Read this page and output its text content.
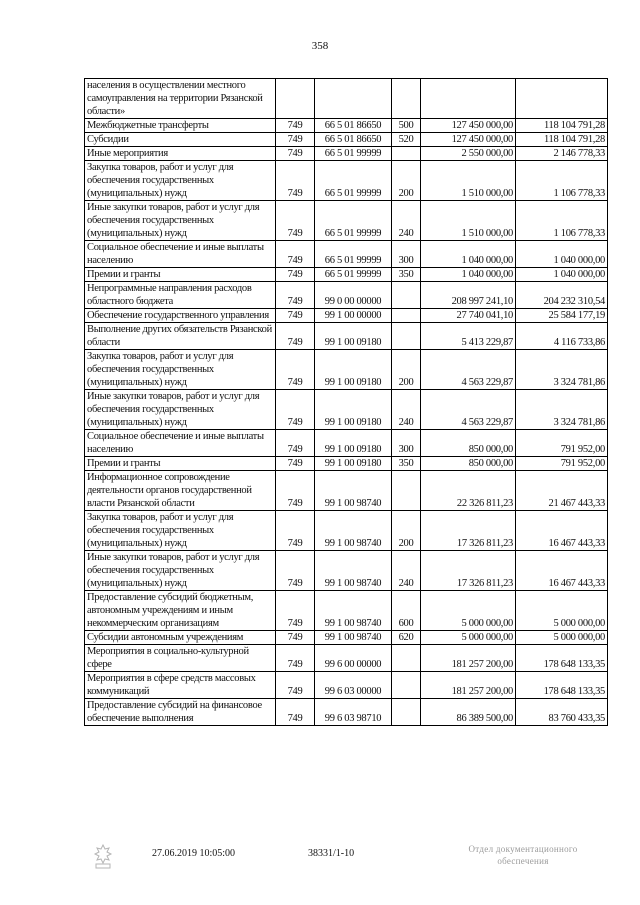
358
населения в осуществлении местного самоуправления на территории Рязанской области»					
Межбюджетные трансферты	749	66 5 01 86650	500	127 450 000,00	118 104 791,28
Субсидии	749	66 5 01 86650	520	127 450 000,00	118 104 791,28
Иные мероприятия	749	66 5 01 99999		2 550 000,00	2 146 778,33
Закупка товаров, работ и услуг для обеспечения государственных (муниципальных) нужд	749	66 5 01 99999	200	1 510 000,00	1 106 778,33
Иные закупки товаров, работ и услуг для обеспечения государственных (муниципальных) нужд	749	66 5 01 99999	240	1 510 000,00	1 106 778,33
Социальное обеспечение и иные выплаты населению	749	66 5 01 99999	300	1 040 000,00	1 040 000,00
Премии и гранты	749	66 5 01 99999	350	1 040 000,00	1 040 000,00
Непрограммные направления расходов областного бюджета	749	99 0 00 00000		208 997 241,10	204 232 310,54
Обеспечение государственного управления	749	99 1 00 00000		27 740 041,10	25 584 177,19
Выполнение других обязательств Рязанской области	749	99 1 00 09180		5 413 229,87	4 116 733,86
Закупка товаров, работ и услуг для обеспечения государственных (муниципальных) нужд	749	99 1 00 09180	200	4 563 229,87	3 324 781,86
Иные закупки товаров, работ и услуг для обеспечения государственных (муниципальных) нужд	749	99 1 00 09180	240	4 563 229,87	3 324 781,86
Социальное обеспечение и иные выплаты населению	749	99 1 00 09180	300	850 000,00	791 952,00
Премии и гранты	749	99 1 00 09180	350	850 000,00	791 952,00
Информационное сопровождение деятельности органов государственной власти Рязанской области	749	99 1 00 98740		22 326 811,23	21 467 443,33
Закупка товаров, работ и услуг для обеспечения государственных (муниципальных) нужд	749	99 1 00 98740	200	17 326 811,23	16 467 443,33
Иные закупки товаров, работ и услуг для обеспечения государственных (муниципальных) нужд	749	99 1 00 98740	240	17 326 811,23	16 467 443,33
Предоставление субсидий бюджетным, автономным учреждениям и иным некоммерческим организациям	749	99 1 00 98740	600	5 000 000,00	5 000 000,00
Субсидии автономным учреждениям	749	99 1 00 98740	620	5 000 000,00	5 000 000,00
Мероприятия в социально-культурной сфере	749	99 6 00 00000		181 257 200,00	178 648 133,35
Мероприятия в сфере средств массовых коммуникаций	749	99 6 03 00000		181 257 200,00	178 648 133,35
Предоставление субсидий на финансовое обеспечение выполнения	749	99 6 03 98710		86 389 500,00	83 760 433,35
27.06.2019 10:05:00	38331/1-10	Отдел документационного обеспечения
